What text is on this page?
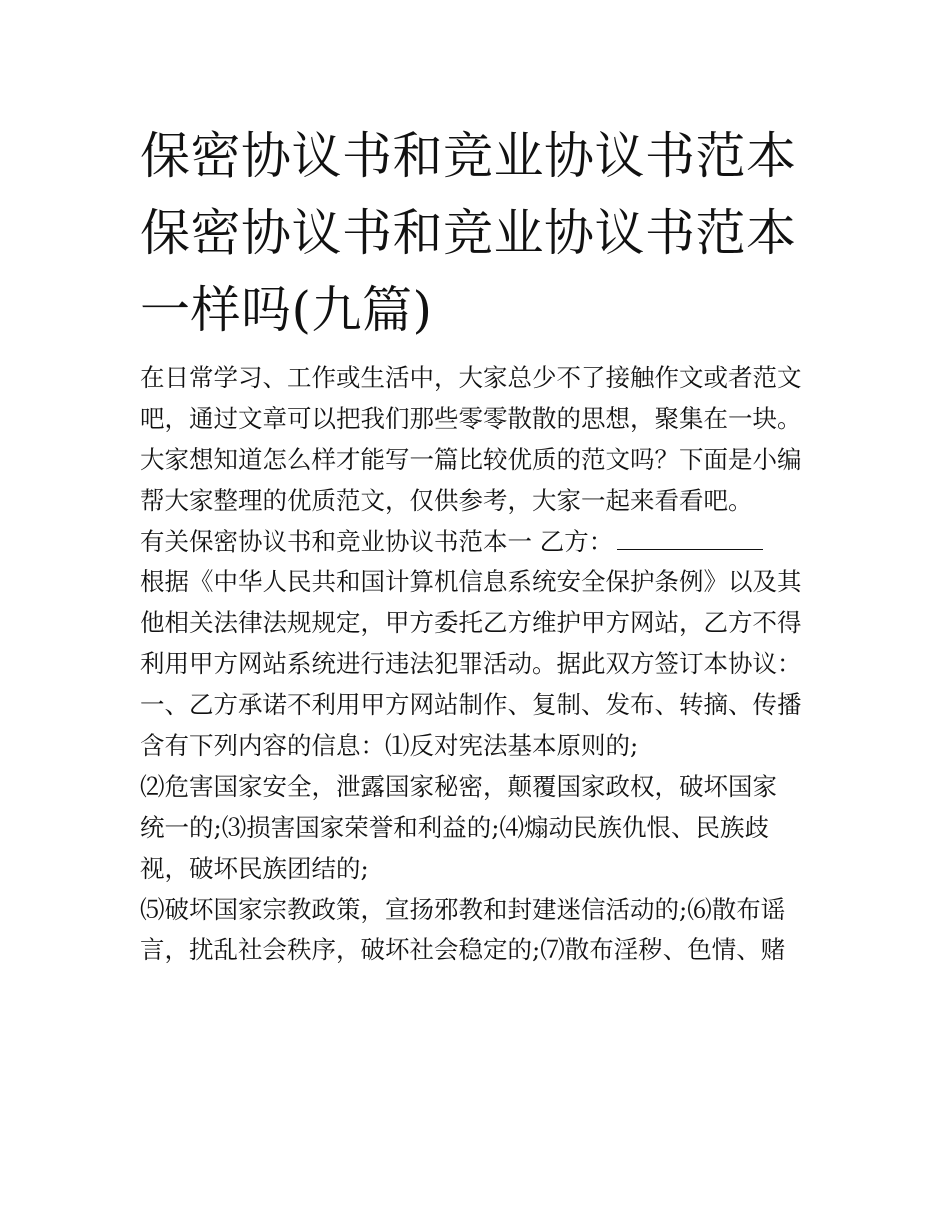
保密协议书和竞业协议书范本
保密协议书和竞业协议书范本
一样吗(九篇)
在日常学习、工作或生活中，大家总少不了接触作文或者范文
吧，通过文章可以把我们那些零零散散的思想，聚集在一块。
大家想知道怎么样才能写一篇比较优质的范文吗？下面是小编
帮大家整理的优质范文，仅供参考，大家一起来看看吧。
有关保密协议书和竞业协议书范本一 乙方：
根据《中华人民共和国计算机信息系统安全保护条例》以及其
他相关法律法规规定，甲方委托乙方维护甲方网站，乙方不得
利用甲方网站系统进行违法犯罪活动。据此双方签订本协议：
一、乙方承诺不利用甲方网站制作、复制、发布、转摘、传播
含有下列内容的信息：⑴反对宪法基本原则的;
⑵危害国家安全，泄露国家秘密，颠覆国家政权，破坏国家
统一的;⑶损害国家荣誉和利益的;⑷煽动民族仇恨、民族歧
视，破坏民族团结的;
⑸破坏国家宗教政策，宣扬邪教和封建迷信活动的;⑹散布谣
言，扰乱社会秩序，破坏社会稳定的;⑺散布淫秽、色情、赌
